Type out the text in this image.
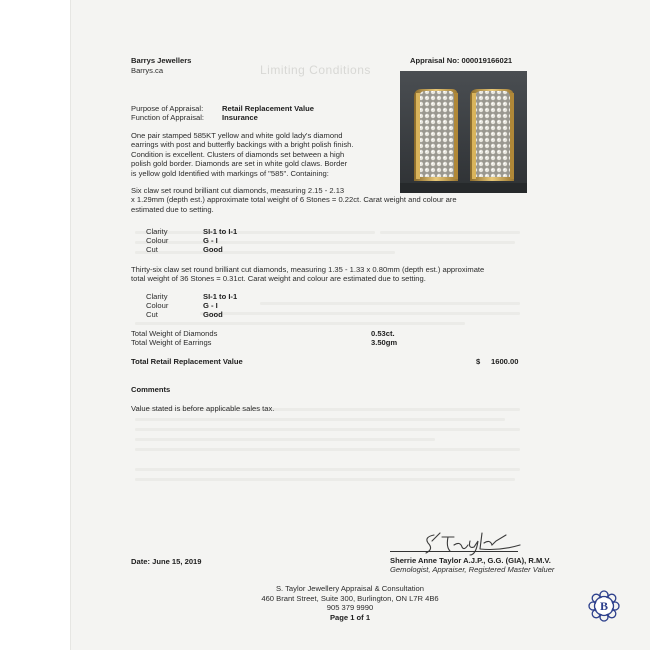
Limiting Conditions
Barrys Jewellers
Barrys.ca
Appraisal No: 000019166021
Purpose of Appraisal: Retail Replacement Value
Function of Appraisal: Insurance
One pair stamped 585KT yellow and white gold lady's diamond
earrings with post and butterfly backings with a bright polish finish.
Condition is excellent. Clusters of diamonds set between a high
polish gold border. Diamonds are set in white gold claws. Border
is yellow gold Identified with markings of "585". Containing:
Six claw set round brilliant cut diamonds, measuring 2.15 - 2.13
x 1.29mm (depth est.) approximate total weight of 6 Stones = 0.22ct. Carat weight and colour are
estimated due to setting.
Clarity	SI-1 to I-1
Colour	G - I
Cut	Good
Thirty-six claw set round brilliant cut diamonds, measuring 1.35 - 1.33 x 0.80mm (depth est.) approximate
total weight of 36 Stones = 0.31ct. Carat weight and colour are estimated due to setting.
Clarity	SI-1 to I-1
Colour	G - I
Cut	Good
Total Weight of Diamonds	0.53ct.
Total Weight of Earrings	3.50gm
Total Retail Replacement Value	$ 1600.00
Comments
Value stated is before applicable sales tax.
Date: June 15, 2019	Sherrie Anne Taylor A.J.P., G.G. (GIA), R.M.V.
Gemologist, Appraiser, Registered Master Valuer
S. Taylor Jewellery Appraisal & Consultation
460 Brant Street, Suite 300, Burlington, ON L7R 4B6
905 379 9990
Page 1 of 1
B
